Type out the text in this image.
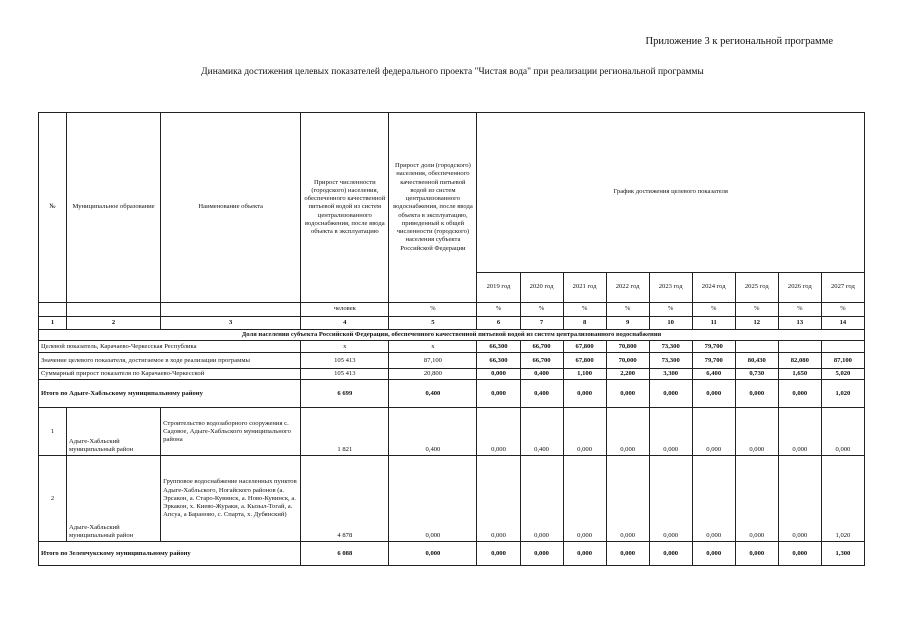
Приложение 3 к региональной программе
Динамика достижения целевых показателей федерального проекта "Чистая вода" при реализации региональной программы
№	Муниципальное образование	Наименование объекта	Прирост численности (городского) населения, обеспеченного качественной питьевой водой из систем централизованного водоснабжения, после ввода объекта в эксплуатацию	Прирост доли (городского) населения, обеспеченного качественной питьевой водой из систем централизованного водоснабжения, после ввода объекта в эксплуатацию, приведенный к общей численности (городского) населения субъекта Российской Федерации	График достижения целевого показателя								
					2019 год	2020 год	2021 год	2022 год	2023 год	2024 год	2025 год	2026 год	2027 год
			человек	%	%	%	%	%	%	%	%	%	%
1	2	3	4	5	6	7	8	9	10	11	12	13	14
Доля населения субъекта Российской Федерации, обеспеченного качественной питьевой водой из систем централизованного водоснабжения													
Целевой показатель, Карачаево-Черкесская Республика			х	х	66,300	66,700	67,800	70,800	73,300	79,700			
Значение целевого показателя, достигаемое в ходе реализации программы			105 413	87,100	66,300	66,700	67,800	70,000	73,300	79,700	80,430	82,080	87,100
Суммарный прирост показателя по Карачаево-Черкесской			105 413	20,800	0,000	0,400	1,100	2,200	3,300	6,400	0,730	1,650	5,020
Итого по Адыге-Хабльскому муниципальному району			6 699	0,400	0,000	0,400	0,000	0,000	0,000	0,000	0,000	0,000	1,020
1	Адыге-Хабльский муниципальный район	Строительство водозаборного сооружения с. Садовое, Адыге-Хабльского муниципального района	1 821	0,400	0,000	0,400	0,000	0,000	0,000	0,000	0,000	0,000	0,000
2	Адыге-Хабльский муниципальный район	Групповое водоснабжение населенных пунктов Адыге-Хабльского, Ногайского районов (а. Эрсакон, а. Старо-Кувинск, а. Ново-Кувинск, а. Эркакон, х. Киево-Жураки, а. Кызыл-Тогай, а. Апсуа, а Бараново, с. Спарта, х. Дубянский)	4 878	0,000	0,000	0,000	0,000	0,000	0,000	0,000	0,000	0,000	1,020
Итого по Зеленчукскому муниципальному району			6 088	0,000	0,000	0,000	0,000	0,000	0,000	0,000	0,000	0,000	1,300
